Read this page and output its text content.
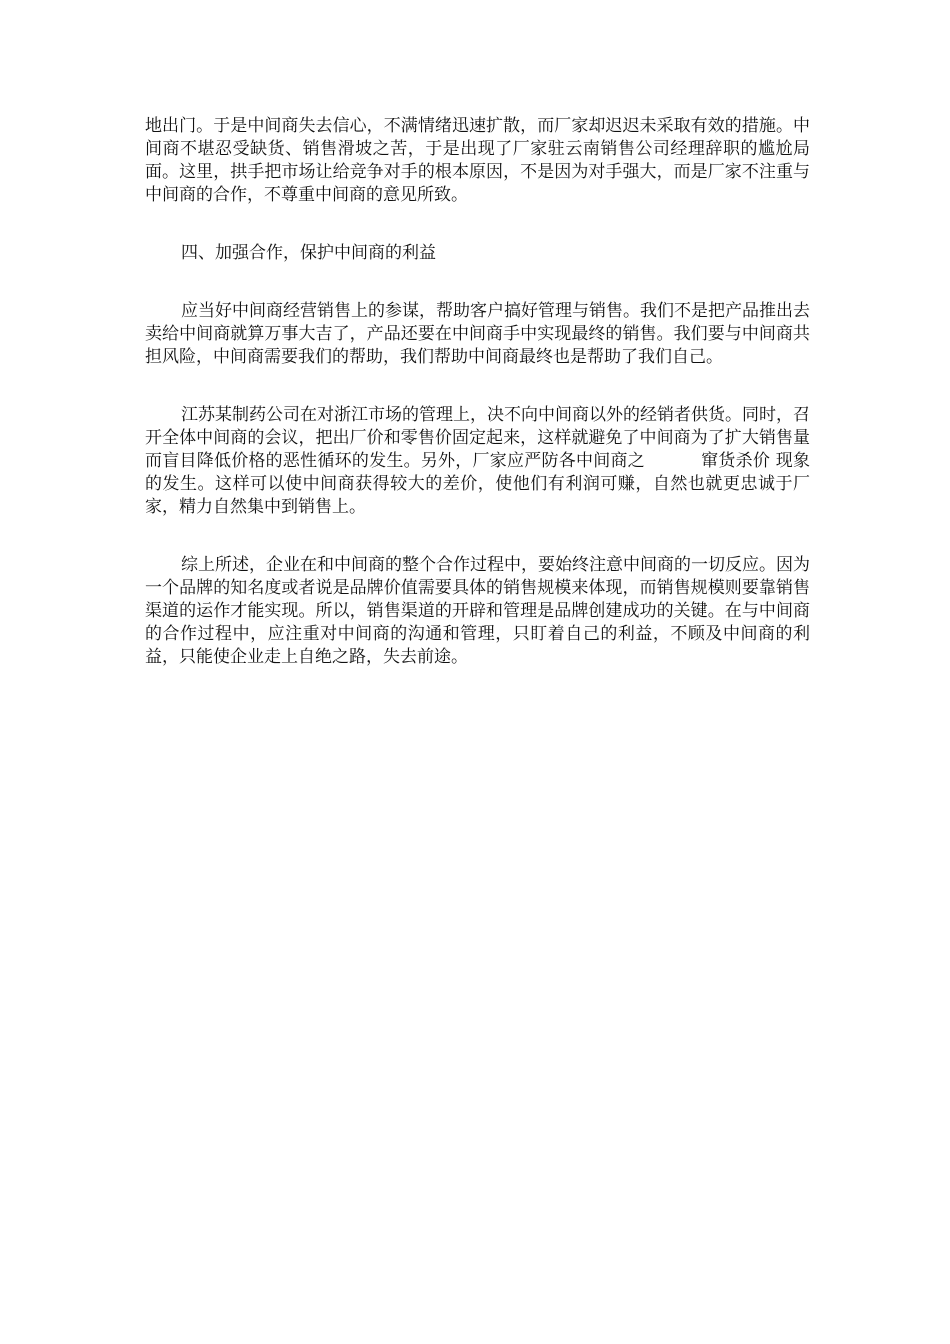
地出门。于是中间商失去信心，不满情绪迅速扩散，而厂家却迟迟未采取有效的措施。中间商不堪忍受缺货、销售滑坡之苦，于是出现了厂家驻云南销售公司经理辞职的尴尬局面。这里，拱手把市场让给竞争对手的根本原因，不是因为对手强大，而是厂家不注重与中间商的合作，不尊重中间商的意见所致。

四、加强合作，保护中间商的利益

应当好中间商经营销售上的参谋，帮助客户搞好管理与销售。我们不是把产品推出去卖给中间商就算万事大吉了，产品还要在中间商手中实现最终的销售。我们要与中间商共担风险，中间商需要我们的帮助，我们帮助中间商最终也是帮助了我们自己。

江苏某制药公司在对浙江市场的管理上，决不向中间商以外的经销者供货。同时，召开全体中间商的会议，把出厂价和零售价固定起来，这样就避免了中间商为了扩大销售量而盲目降低价格的恶性循环的发生。另外，厂家应严防各中间商之	窜货杀价 现象的发生。这样可以使中间商获得较大的差价，使他们有利润可赚，自然也就更忠诚于厂家，精力自然集中到销售上。

综上所述，企业在和中间商的整个合作过程中，要始终注意中间商的一切反应。因为一个品牌的知名度或者说是品牌价值需要具体的销售规模来体现，而销售规模则要靠销售渠道的运作才能实现。所以，销售渠道的开辟和管理是品牌创建成功的关键。在与中间商的合作过程中，应注重对中间商的沟通和管理，只盯着自己的利益，不顾及中间商的利益，只能使企业走上自绝之路，失去前途。
